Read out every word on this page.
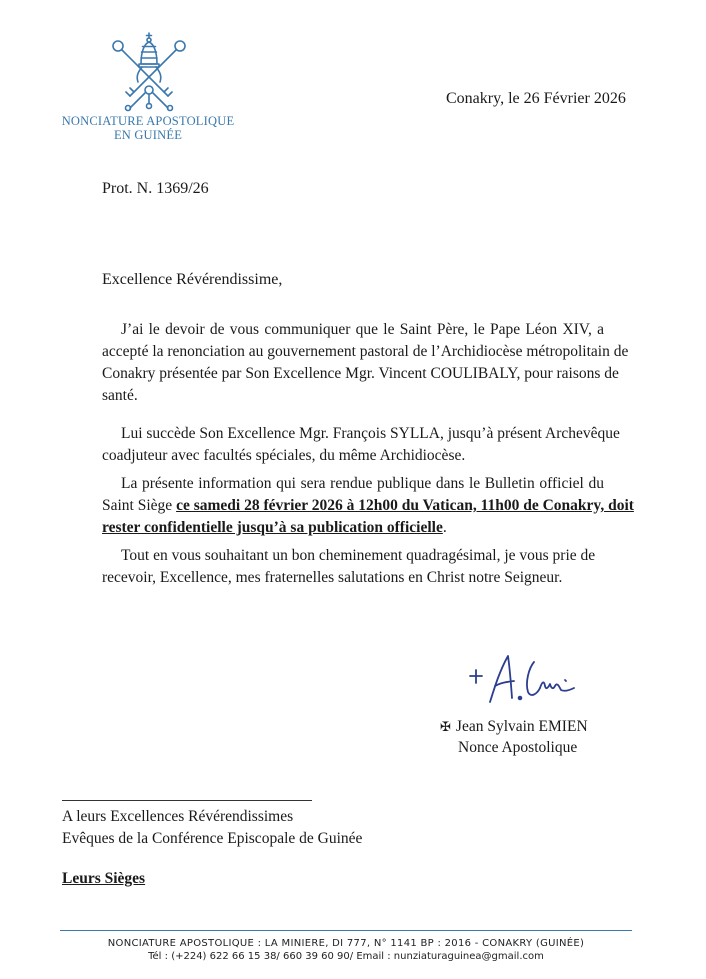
NONCIATURE APOSTOLIQUE
EN GUINÉE
Conakry, le 26 Février 2026
Prot. N. 1369/26
Excellence Révérendissime,
J’ai le devoir de vous communiquer que le Saint Père, le Pape Léon XIV, a
accepté la renonciation au gouvernement pastoral de l’Archidiocèse métropolitain de
Conakry présentée par Son Excellence Mgr. Vincent COULIBALY, pour raisons de
santé.
Lui succède Son Excellence Mgr. François SYLLA, jusqu’à présent Archevêque
coadjuteur avec facultés spéciales, du même Archidiocèse.
La présente information qui sera rendue publique dans le Bulletin officiel du
Saint Siège ce samedi 28 février 2026 à 12h00 du Vatican, 11h00 de Conakry, doit
rester confidentielle jusqu’à sa publication officielle.
Tout en vous souhaitant un bon cheminement quadragésimal, je vous prie de
recevoir, Excellence, mes fraternelles salutations en Christ notre Seigneur.
✠ Jean Sylvain EMIEN
Nonce Apostolique
A leurs Excellences Révérendissimes
Evêques de la Conférence Episcopale de Guinée
Leurs Sièges
NONCIATURE APOSTOLIQUE : LA MINIERE, DI 777, N° 1141 BP : 2016 - CONAKRY (GUINÉE)
Tél : (+224) 622 66 15 38/ 660 39 60 90/ Email : nunziaturaguinea@gmail.com
